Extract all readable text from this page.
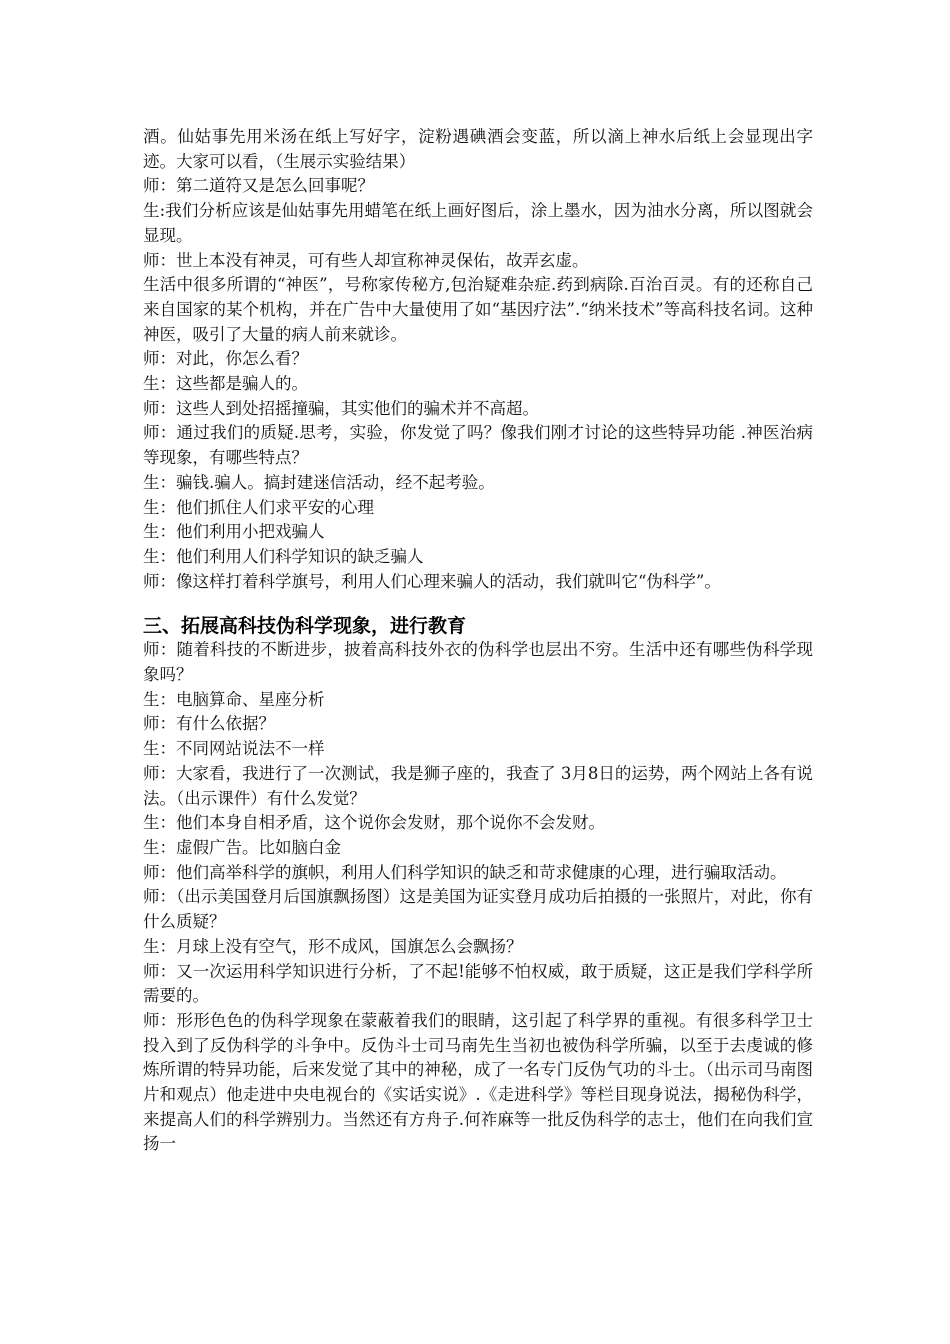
酒。仙姑事先用米汤在纸上写好字，淀粉遇碘酒会变蓝，所以滴上神水后纸上会显现出字迹。大家可以看，（生展示实验结果）

师：第二道符又是怎么回事呢？

生:我们分析应该是仙姑事先用蜡笔在纸上画好图后，涂上墨水，因为油水分离，所以图就会显现。

师：世上本没有神灵，可有些人却宣称神灵保佑，故弄玄虚。

生活中很多所谓的“神医”，号称家传秘方,包治疑难杂症.药到病除.百治百灵。有的还称自己来自国家的某个机构，并在广告中大量使用了如“基因疗法”.“纳米技术”等高科技名词。这种神医，吸引了大量的病人前来就诊。

师：对此，你怎么看？

生：这些都是骗人的。

师：这些人到处招摇撞骗，其实他们的骗术并不高超。

师：通过我们的质疑.思考，实验，你发觉了吗？像我们刚才讨论的这些特异功能 .神医治病等现象，有哪些特点？

生：骗钱.骗人。搞封建迷信活动，经不起考验。

生：他们抓住人们求平安的心理

生：他们利用小把戏骗人

生：他们利用人们科学知识的缺乏骗人

师：像这样打着科学旗号，利用人们心理来骗人的活动，我们就叫它“伪科学”。

三、拓展高科技伪科学现象，进行教育

师：随着科技的不断进步，披着高科技外衣的伪科学也层出不穷。生活中还有哪些伪科学现象吗？

生：电脑算命、星座分析

师：有什么依据？

生：不同网站说法不一样

师：大家看，我进行了一次测试，我是狮子座的，我查了 3月8日的运势，两个网站上各有说法。（出示课件）有什么发觉？

生：他们本身自相矛盾，这个说你会发财，那个说你不会发财。

生：虚假广告。比如脑白金

师：他们高举科学的旗帜，利用人们科学知识的缺乏和苛求健康的心理，进行骗取活动。

师：（出示美国登月后国旗飘扬图）这是美国为证实登月成功后拍摄的一张照片，对此，你有什么质疑？

生：月球上没有空气，形不成风，国旗怎么会飘扬？

师：又一次运用科学知识进行分析，了不起!能够不怕权威，敢于质疑，这正是我们学科学所需要的。

师：形形色色的伪科学现象在蒙蔽着我们的眼睛，这引起了科学界的重视。有很多科学卫士投入到了反伪科学的斗争中。反伪斗士司马南先生当初也被伪科学所骗，以至于去虔诚的修炼所谓的特异功能，后来发觉了其中的神秘，成了一名专门反伪气功的斗士。（出示司马南图片和观点）他走进中央电视台的《实话实说》.《走进科学》等栏目现身说法，揭秘伪科学，来提高人们的科学辨别力。当然还有方舟子.何祚麻等一批反伪科学的志士，他们在向我们宣扬一
